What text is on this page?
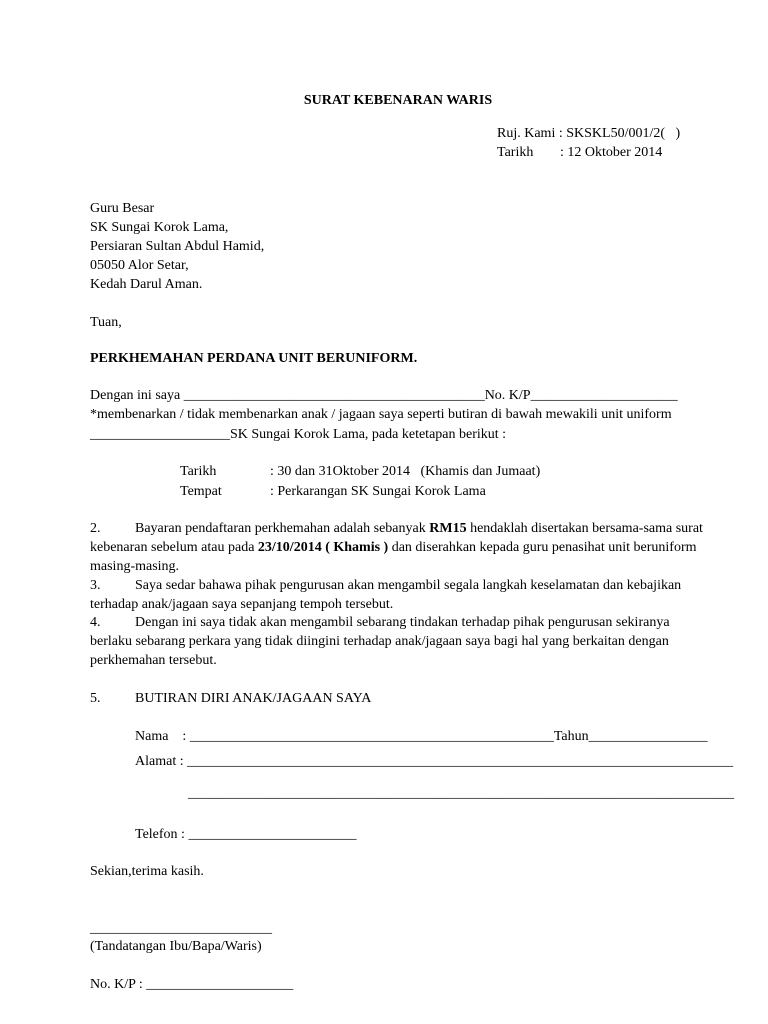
SURAT KEBENARAN WARIS
Ruj. Kami : SKSKL50/001/2(   )
Tarikh : 12 Oktober 2014
Guru Besar
SK Sungai Korok Lama,
Persiaran Sultan Abdul Hamid,
05050 Alor Setar,
Kedah Darul Aman.
Tuan,
PERKHEMAHAN PERDANA UNIT BERUNIFORM.
Dengan ini saya ___________________________________________No. K/P_____________________
*membenarkan / tidak membenarkan anak / jagaan saya seperti butiran di bawah mewakili unit uniform
____________________SK Sungai Korok Lama, pada ketetapan berikut :
Tarikh	: 30 dan 31Oktober 2014   (Khamis dan Jumaat)
Tempat	: Perkarangan SK Sungai Korok Lama
2. Bayaran pendaftaran perkhemahan adalah sebanyak RM15 hendaklah disertakan bersama-sama surat
kebenaran sebelum atau pada 23/10/2014 ( Khamis ) dan diserahkan kepada guru penasihat unit beruniform
masing-masing.
3. Saya sedar bahawa pihak pengurusan akan mengambil segala langkah keselamatan dan kebajikan
terhadap anak/jagaan saya sepanjang tempoh tersebut.
4. Dengan ini saya tidak akan mengambil sebarang tindakan terhadap pihak pengurusan sekiranya
berlaku sebarang perkara yang tidak diingini terhadap anak/jagaan saya bagi hal yang berkaitan dengan
perkhemahan tersebut.
5. BUTIRAN DIRI ANAK/JAGAAN SAYA
Nama    : ____________________________________________________Tahun_________________
Alamat : ______________________________________________________________________________
______________________________________________________________________________
Telefon : ________________________
Sekian,terima kasih.
__________________________
(Tandatangan Ibu/Bapa/Waris)
No. K/P : _____________________
